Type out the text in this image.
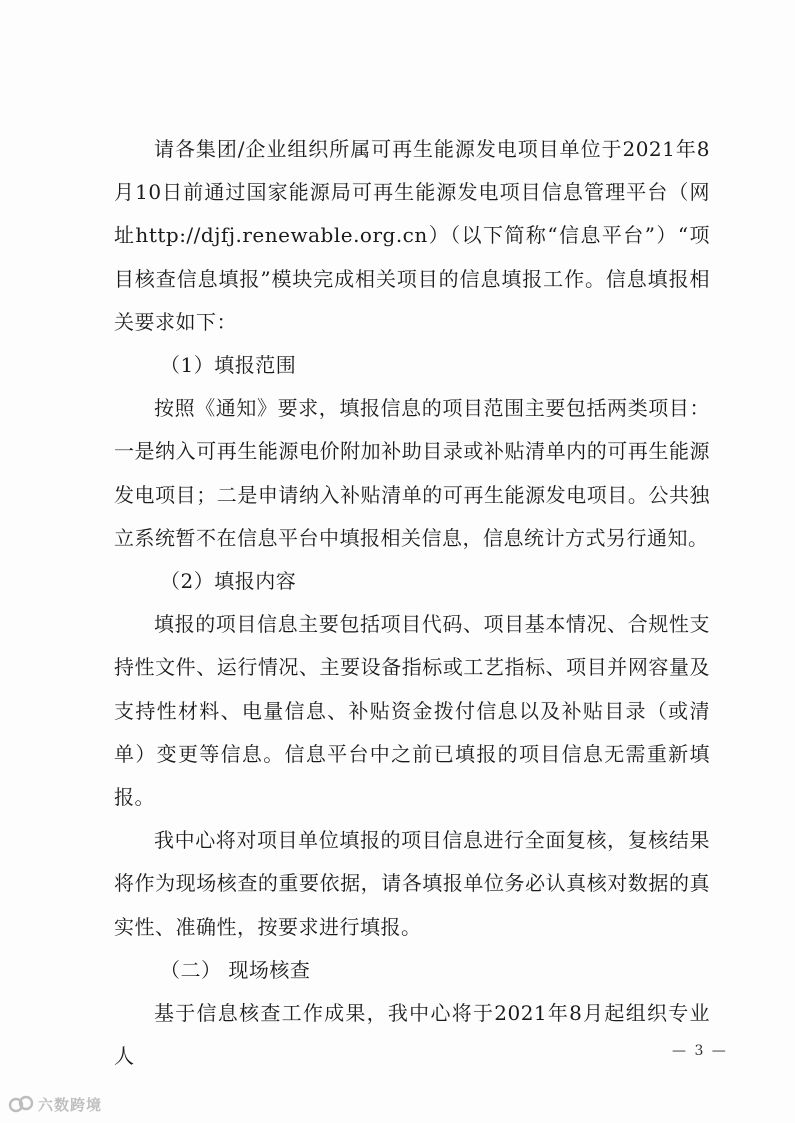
请各集团/企业组织所属可再生能源发电项目单位于2021年8月10日前通过国家能源局可再生能源发电项目信息管理平台（网址http://djfj.renewable.org.cn）（以下简称“信息平台”）“项目核查信息填报”模块完成相关项目的信息填报工作。信息填报相关要求如下：

（1）填报范围

按照《通知》要求，填报信息的项目范围主要包括两类项目：一是纳入可再生能源电价附加补助目录或补贴清单内的可再生能源发电项目；二是申请纳入补贴清单的可再生能源发电项目。公共独立系统暂不在信息平台中填报相关信息，信息统计方式另行通知。

（2）填报内容

填报的项目信息主要包括项目代码、项目基本情况、合规性支持性文件、运行情况、主要设备指标或工艺指标、项目并网容量及支持性材料、电量信息、补贴资金拨付信息以及补贴目录（或清单）变更等信息。信息平台中之前已填报的项目信息无需重新填报。

我中心将对项目单位填报的项目信息进行全面复核，复核结果将作为现场核查的重要依据，请各填报单位务必认真核对数据的真实性、准确性，按要求进行填报。

（二） 现场核查

基于信息核查工作成果，我中心将于2021年8月起组织专业人	— 3 —
六数跨境
